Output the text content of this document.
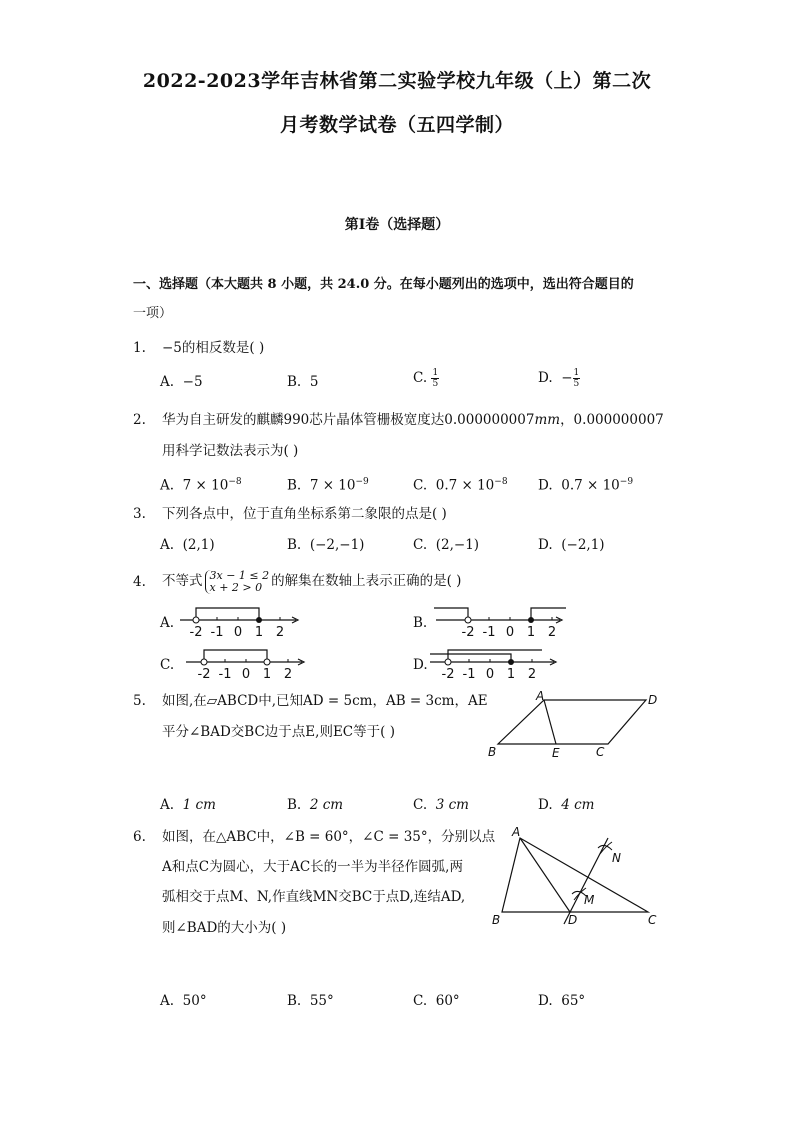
2022-2023学年吉林省第二实验学校九年级（上）第二次
月考数学试卷（五四学制）
第I卷（选择题）
一、选择题（本大题共 8 小题，共 24.0 分。在每小题列出的选项中，选出符合题目的
一项）
1. −5的相反数是( )
A. −5	B. 5	C. $\frac{1}{5}$	D. − $\frac{1}{5}$
2. 华为自主研发的麒麟990芯片晶体管栅极宽度达0.000000007mm，0.000000007
用科学记数法表示为( )
A. $7 \times 10^{-8}$	B. $7 \times 10^{-9}$	C. $0.7 \times 10^{-8}$ D. $0.7 \times 10^{-9}$
3. 下列各点中，位于直角坐标系第二象限的点是( )
A. (2,1)	B. (−2,−1)	C. (2,−1)	D. (−2,1)
4. 不等式 3x − 1 ≤ 2
x + 2 > 0 的解集在数轴上表示正确的是( )
A.	B.
C.	D.
-2 -1 0 1 2	-2 -1 0 1 2
-2 -1 0 1 2	-2 -1 0 1 2
5. 如图,在▱ABCD中,已知AD = 5cm，AB = 3cm，AE
平分∠BAD交BC边于点E,则EC等于( )
A	D
B	E	C
A. 1 cm	B. 2 cm	C. 3 cm	D. 4 cm
6. 如图，在△ABC中，∠B = 60°，∠C = 35°，分别以点
A和点C为圆心，大于AC长的一半为半径作圆弧,两
弧相交于点M、N,作直线MN交BC于点D,连结AD,
则∠BAD的大小为( )
A
B	D	C
M
N
A. 50°	B. 55°	C. 60°	D. 65°
